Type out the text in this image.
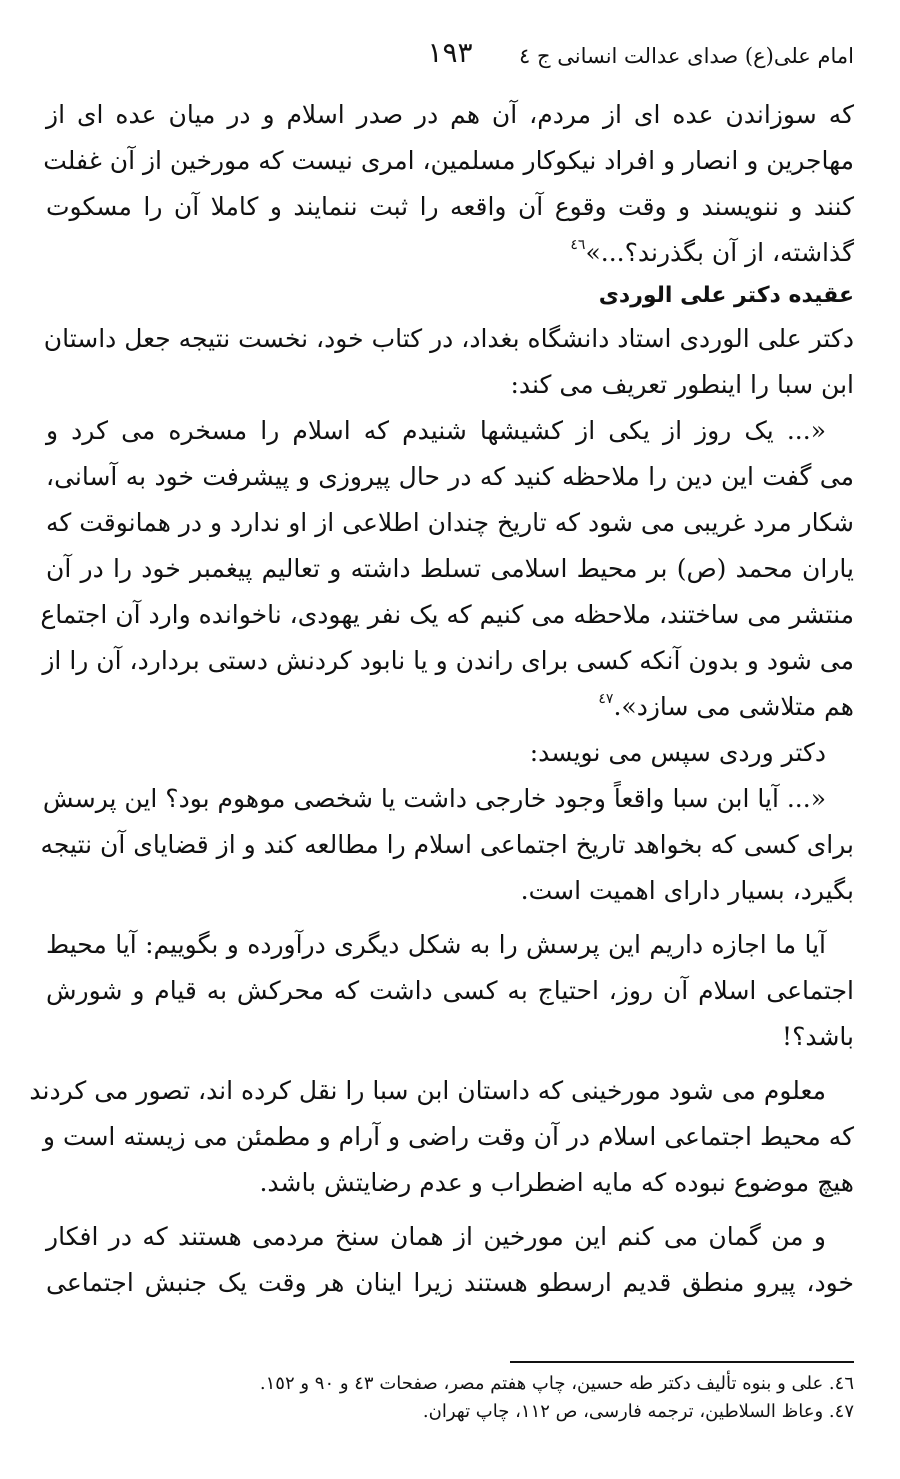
امام علی(ع) صدای عدالت انسانی ج ٤
١٩٣
که سوزاندن عده ای از مردم، آن هم در صدر اسلام و در میان عده ای از
مهاجرین و انصار و افراد نیکوکار مسلمین، امری نیست که مورخین از آن غفلت
کنند و ننویسند و وقت وقوع آن واقعه را ثبت ننمایند و کاملا آن را مسکوت
گذاشته، از آن بگذرند؟...»$^{٤٦}$
عقیده دکتر علی الوردی
دکتر علی الوردی استاد دانشگاه بغداد، در کتاب خود، نخست نتیجه جعل داستان
ابن سبا را اینطور تعریف می کند:
«... یک روز از یکی از کشیشها شنیدم که اسلام را مسخره می کرد و
می گفت این دین را ملاحظه کنید که در حال پیروزی و پیشرفت خود به آسانی،
شکار مرد غریبی می شود که تاریخ چندان اطلاعی از او ندارد و در همانوقت که
یاران محمد (ص) بر محیط اسلامی تسلط داشته و تعالیم پیغمبر خود را در آن
منتشر می ساختند، ملاحظه می کنیم که یک نفر یهودی، ناخوانده وارد آن اجتماع
می شود و بدون آنکه کسی برای راندن و یا نابود کردنش دستی بردارد، آن را از
هم متلاشی می سازد».$^{٤٧}$
دکتر وردی سپس می نویسد:
«... آیا ابن سبا واقعاً وجود خارجی داشت یا شخصی موهوم بود؟ این پرسش
برای کسی که بخواهد تاریخ اجتماعی اسلام را مطالعه کند و از قضایای آن نتیجه
بگیرد، بسیار دارای اهمیت است.
آیا ما اجازه داریم این پرسش را به شکل دیگری درآورده و بگوییم: آیا محیط
اجتماعی اسلام آن روز، احتیاج به کسی داشت که محرکش به قیام و شورش
باشد؟!
معلوم می شود مورخینی که داستان ابن سبا را نقل کرده اند، تصور می کردند
که محیط اجتماعی اسلام در آن وقت راضی و آرام و مطمئن می زیسته است و
هیچ موضوع نبوده که مایه اضطراب و عدم رضایتش باشد.
و من گمان می کنم این مورخین از همان سنخ مردمی هستند که در افکار
خود، پیرو منطق قدیم ارسطو هستند زیرا اینان هر وقت یک جنبش اجتماعی
٤٦. علی و بنوه تألیف دکتر طه حسین، چاپ هفتم مصر، صفحات ٤٣ و ٩٠ و ١٥٢.
٤٧. وعاظ السلاطین، ترجمه فارسی، ص ١١٢، چاپ تهران.
